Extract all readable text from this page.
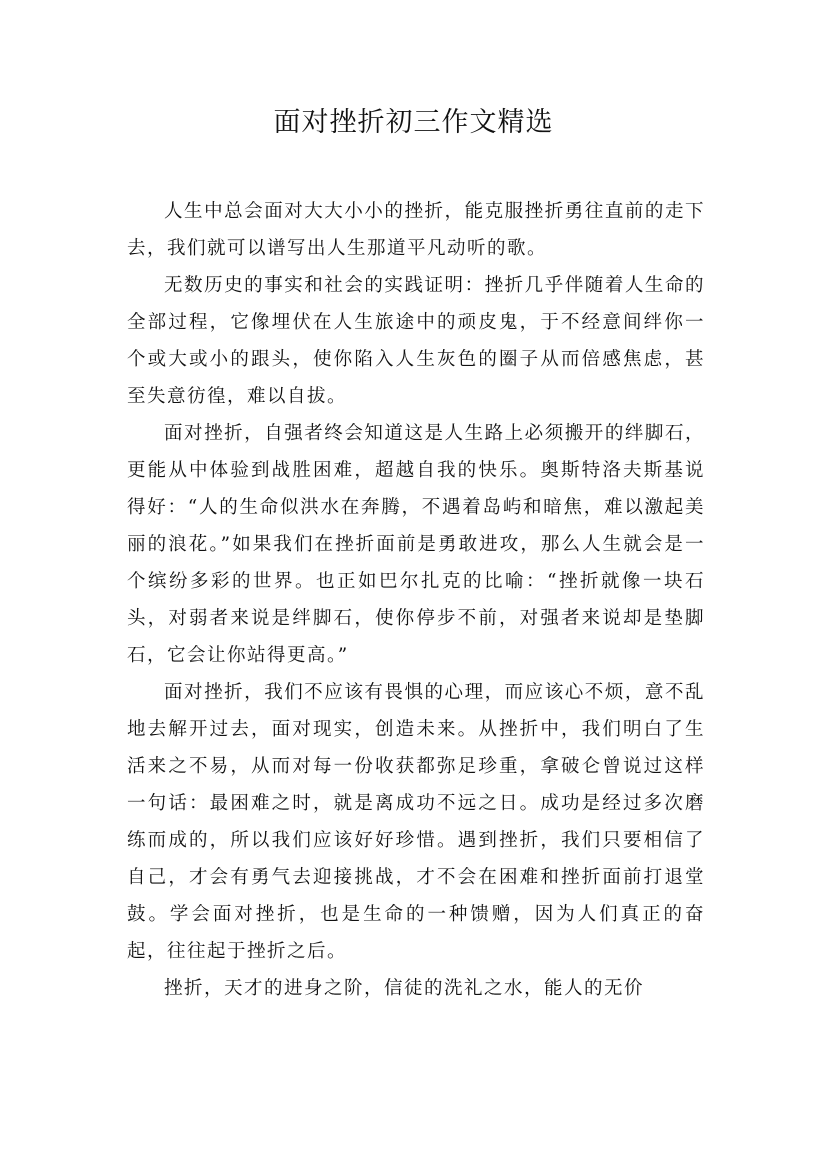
面对挫折初三作文精选

人生中总会面对大大小小的挫折，能克服挫折勇往直前的走下去，我们就可以谱写出人生那道平凡动听的歌。

无数历史的事实和社会的实践证明：挫折几乎伴随着人生命的全部过程，它像埋伏在人生旅途中的顽皮鬼，于不经意间绊你一个或大或小的跟头，使你陷入人生灰色的圈子从而倍感焦虑，甚至失意彷徨，难以自拔。

面对挫折，自强者终会知道这是人生路上必须搬开的绊脚石，更能从中体验到战胜困难，超越自我的快乐。奥斯特洛夫斯基说得好：“人的生命似洪水在奔腾，不遇着岛屿和暗焦，难以激起美丽的浪花。”如果我们在挫折面前是勇敢进攻，那么人生就会是一个缤纷多彩的世界。也正如巴尔扎克的比喻：“挫折就像一块石头，对弱者来说是绊脚石，使你停步不前，对强者来说却是垫脚石，它会让你站得更高。”

面对挫折，我们不应该有畏惧的心理，而应该心不烦，意不乱地去解开过去，面对现实，创造未来。从挫折中，我们明白了生活来之不易，从而对每一份收获都弥足珍重，拿破仑曾说过这样一句话：最困难之时，就是离成功不远之日。成功是经过多次磨练而成的，所以我们应该好好珍惜。遇到挫折，我们只要相信了自己，才会有勇气去迎接挑战，才不会在困难和挫折面前打退堂鼓。学会面对挫折，也是生命的一种馈赠，因为人们真正的奋起，往往起于挫折之后。

挫折，天才的进身之阶，信徒的洗礼之水，能人的无价
